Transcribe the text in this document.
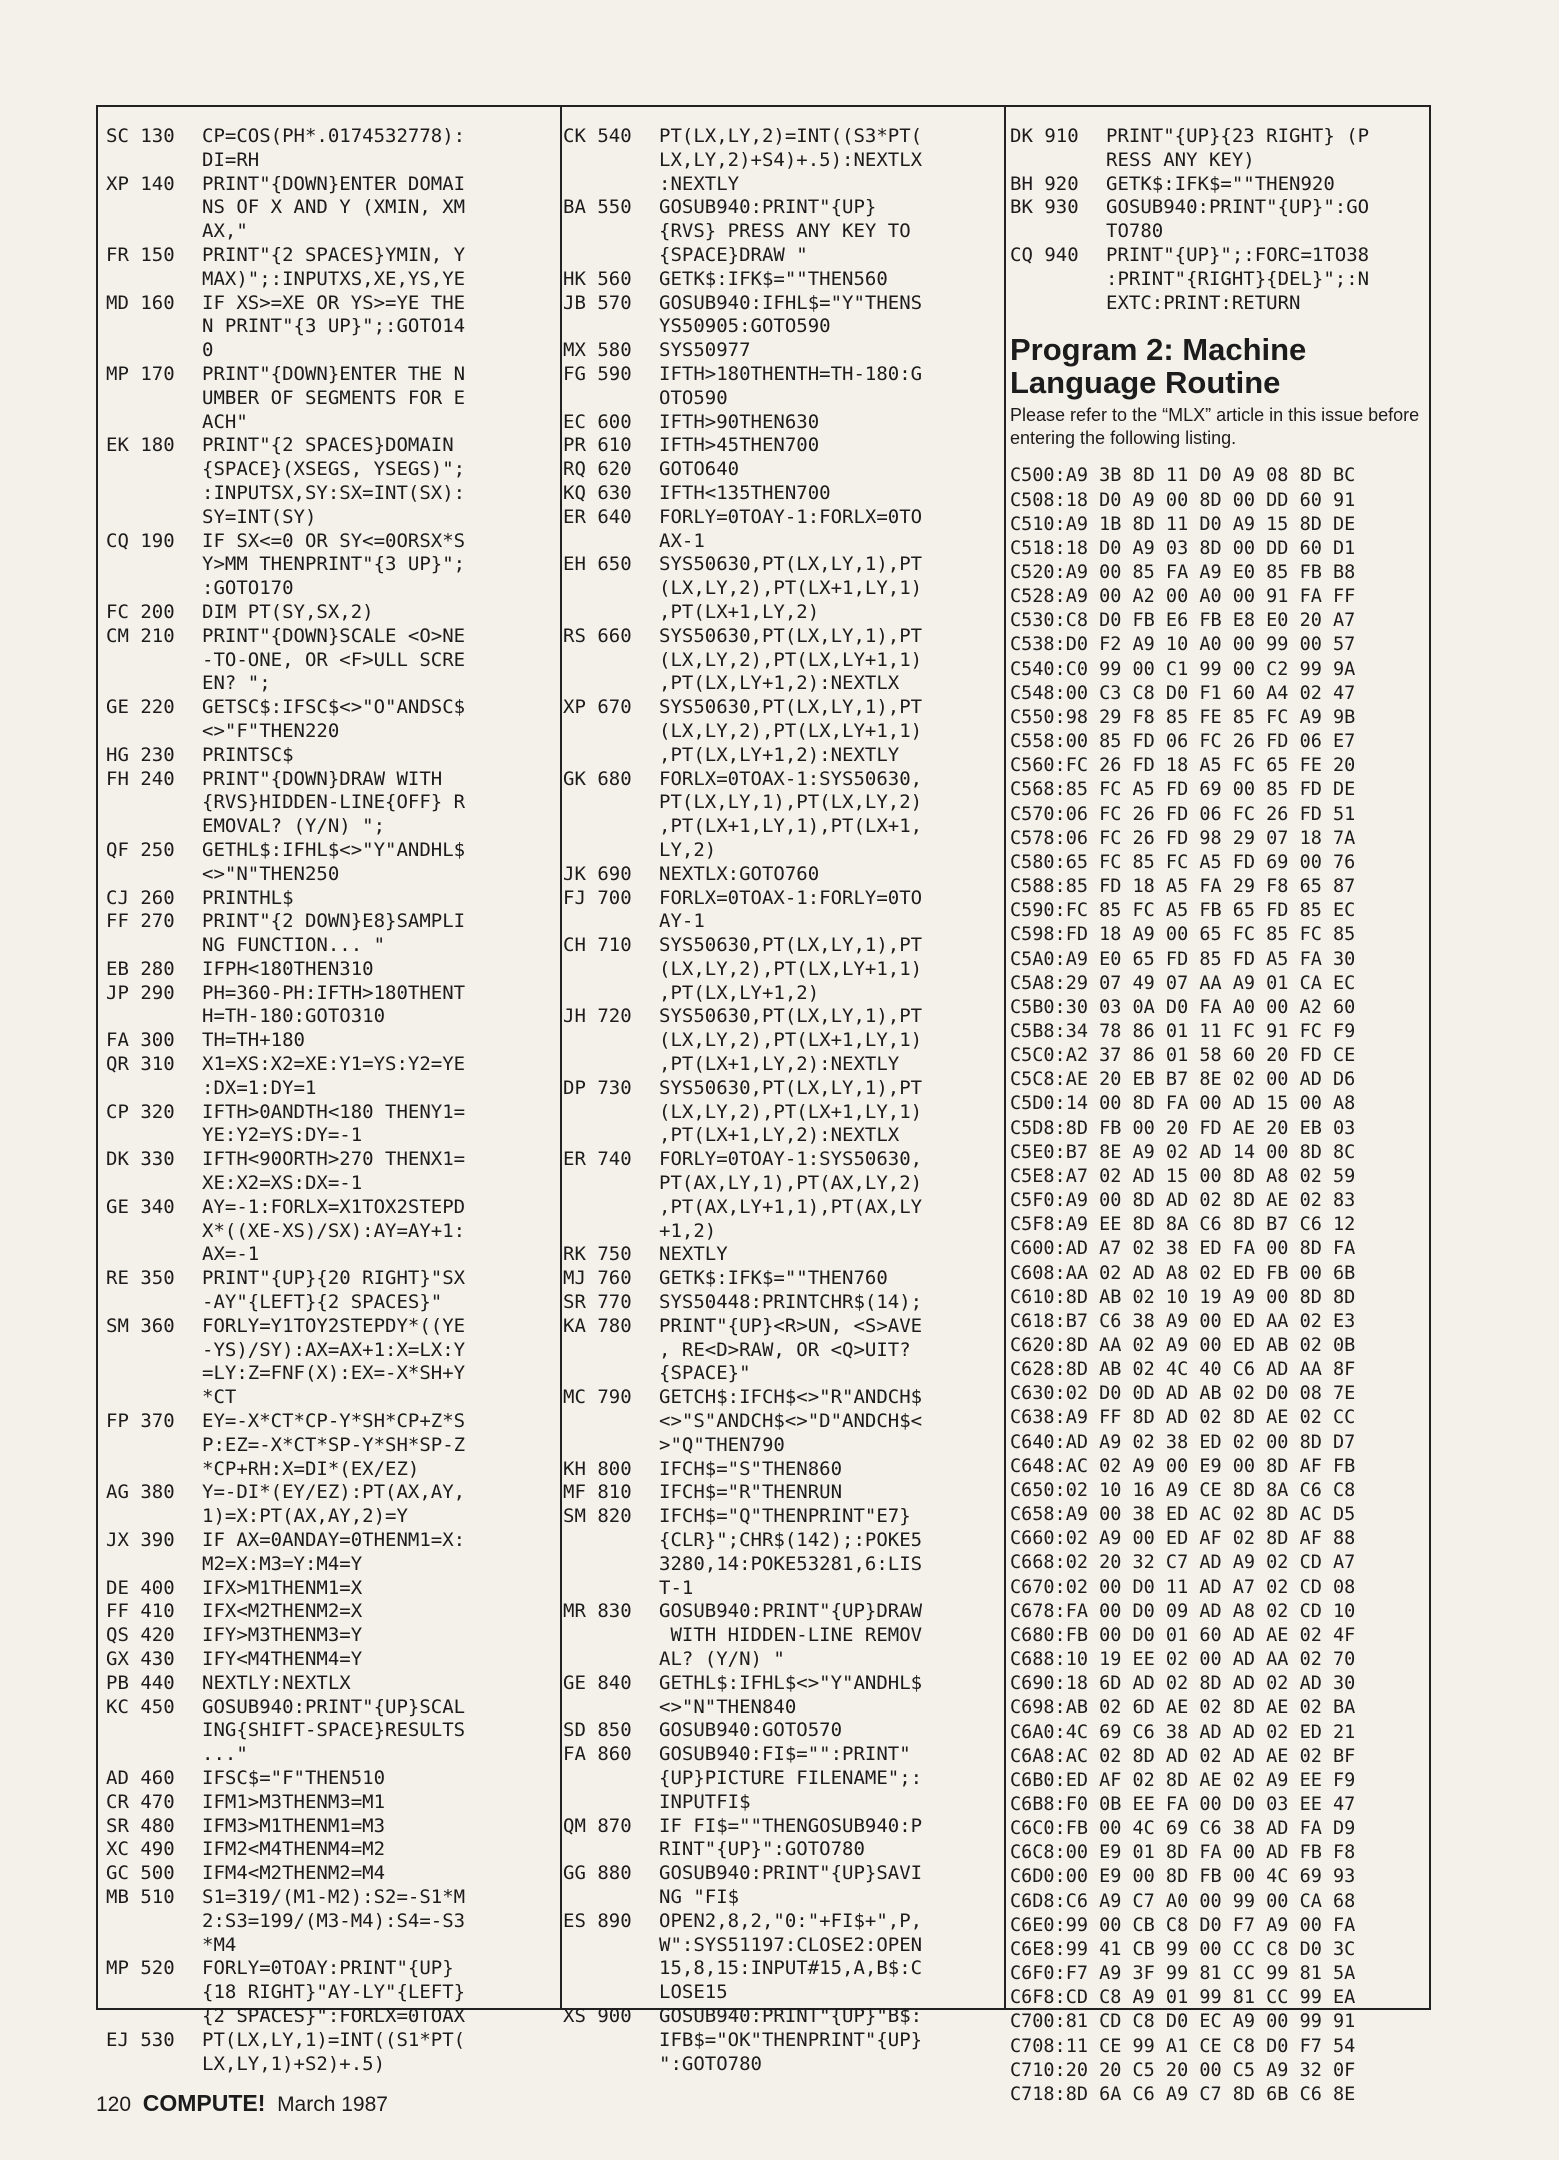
SC 130	CP=COS(PH*.0174532778):
DI=RH
XP 140	PRINT"{DOWN}ENTER DOMAI
NS OF X AND Y (XMIN, XM
AX,"
FR 150	PRINT"{2 SPACES}YMIN, Y
MAX)";:INPUTXS,XE,YS,YE
MD 160	IF XS>=XE OR YS>=YE THE
N PRINT"{3 UP}";:GOTO14
0
MP 170	PRINT"{DOWN}ENTER THE N
UMBER OF SEGMENTS FOR E
ACH"
EK 180	PRINT"{2 SPACES}DOMAIN
{SPACE}(XSEGS, YSEGS)";
:INPUTSX,SY:SX=INT(SX):
SY=INT(SY)
CQ 190	IF SX<=0 OR SY<=0ORSX*S
Y>MM THENPRINT"{3 UP}";
:GOTO170
FC 200	DIM PT(SY,SX,2)
CM 210	PRINT"{DOWN}SCALE <O>NE
-TO-ONE, OR <F>ULL SCRE
EN? ";
GE 220	GETSC$:IFSC$<>"O"ANDSC$
<>"F"THEN220
HG 230	PRINTSC$
FH 240	PRINT"{DOWN}DRAW WITH
{RVS}HIDDEN-LINE{OFF} R
EMOVAL? (Y/N) ";
QF 250	GETHL$:IFHL$<>"Y"ANDHL$
<>"N"THEN250
CJ 260	PRINTHL$
FF 270	PRINT"{2 DOWN}E8}SAMPLI
NG FUNCTION... "
EB 280	IFPH<180THEN310
JP 290	PH=360-PH:IFTH>180THENT
H=TH-180:GOTO310
FA 300	TH=TH+180
QR 310	X1=XS:X2=XE:Y1=YS:Y2=YE
:DX=1:DY=1
CP 320	IFTH>0ANDTH<180 THENY1=
YE:Y2=YS:DY=-1
DK 330	IFTH<90ORTH>270 THENX1=
XE:X2=XS:DX=-1
GE 340	AY=-1:FORLX=X1TOX2STEPD
X*((XE-XS)/SX):AY=AY+1:
AX=-1
RE 350	PRINT"{UP}{20 RIGHT}"SX
-AY"{LEFT}{2 SPACES}"
SM 360	FORLY=Y1TOY2STEPDY*((YE
-YS)/SY):AX=AX+1:X=LX:Y
=LY:Z=FNF(X):EX=-X*SH+Y
*CT
FP 370	EY=-X*CT*CP-Y*SH*CP+Z*S
P:EZ=-X*CT*SP-Y*SH*SP-Z
*CP+RH:X=DI*(EX/EZ)
AG 380	Y=-DI*(EY/EZ):PT(AX,AY,
1)=X:PT(AX,AY,2)=Y
JX 390	IF AX=0ANDAY=0THENM1=X:
M2=X:M3=Y:M4=Y
DE 400	IFX>M1THENM1=X
FF 410	IFX<M2THENM2=X
QS 420	IFY>M3THENM3=Y
GX 430	IFY<M4THENM4=Y
PB 440	NEXTLY:NEXTLX
KC 450	GOSUB940:PRINT"{UP}SCAL
ING{SHIFT-SPACE}RESULTS
..."
AD 460	IFSC$="F"THEN510
CR 470	IFM1>M3THENM3=M1
SR 480	IFM3>M1THENM1=M3
XC 490	IFM2<M4THENM4=M2
GC 500	IFM4<M2THENM2=M4
MB 510	S1=319/(M1-M2):S2=-S1*M
2:S3=199/(M3-M4):S4=-S3
*M4
MP 520	FORLY=0TOAY:PRINT"{UP}
{18 RIGHT}"AY-LY"{LEFT}
{2 SPACES}":FORLX=0TOAX
EJ 530	PT(LX,LY,1)=INT((S1*PT(
LX,LY,1)+S2)+.5)
CK 540	PT(LX,LY,2)=INT((S3*PT(
LX,LY,2)+S4)+.5):NEXTLX
:NEXTLY
BA 550	GOSUB940:PRINT"{UP}
{RVS} PRESS ANY KEY TO
{SPACE}DRAW "
HK 560	GETK$:IFK$=""THEN560
JB 570	GOSUB940:IFHL$="Y"THENS
YS50905:GOTO590
MX 580	SYS50977
FG 590	IFTH>180THENTH=TH-180:G
OTO590
EC 600	IFTH>90THEN630
PR 610	IFTH>45THEN700
RQ 620	GOTO640
KQ 630	IFTH<135THEN700
ER 640	FORLY=0TOAY-1:FORLX=0TO
AX-1
EH 650	SYS50630,PT(LX,LY,1),PT
(LX,LY,2),PT(LX+1,LY,1)
,PT(LX+1,LY,2)
RS 660	SYS50630,PT(LX,LY,1),PT
(LX,LY,2),PT(LX,LY+1,1)
,PT(LX,LY+1,2):NEXTLX
XP 670	SYS50630,PT(LX,LY,1),PT
(LX,LY,2),PT(LX,LY+1,1)
,PT(LX,LY+1,2):NEXTLY
GK 680	FORLX=0TOAX-1:SYS50630,
PT(LX,LY,1),PT(LX,LY,2)
,PT(LX+1,LY,1),PT(LX+1,
LY,2)
JK 690	NEXTLX:GOTO760
FJ 700	FORLX=0TOAX-1:FORLY=0TO
AY-1
CH 710	SYS50630,PT(LX,LY,1),PT
(LX,LY,2),PT(LX,LY+1,1)
,PT(LX,LY+1,2)
JH 720	SYS50630,PT(LX,LY,1),PT
(LX,LY,2),PT(LX+1,LY,1)
,PT(LX+1,LY,2):NEXTLY
DP 730	SYS50630,PT(LX,LY,1),PT
(LX,LY,2),PT(LX+1,LY,1)
,PT(LX+1,LY,2):NEXTLX
ER 740	FORLY=0TOAY-1:SYS50630,
PT(AX,LY,1),PT(AX,LY,2)
,PT(AX,LY+1,1),PT(AX,LY
+1,2)
RK 750	NEXTLY
MJ 760	GETK$:IFK$=""THEN760
SR 770	SYS50448:PRINTCHR$(14);
KA 780	PRINT"{UP}<R>UN, <S>AVE
, RE<D>RAW, OR <Q>UIT?
{SPACE}"
MC 790	GETCH$:IFCH$<>"R"ANDCH$
<>"S"ANDCH$<>"D"ANDCH$<
>"Q"THEN790
KH 800	IFCH$="S"THEN860
MF 810	IFCH$="R"THENRUN
SM 820	IFCH$="Q"THENPRINT"E7}
{CLR}";CHR$(142);:POKE5
3280,14:POKE53281,6:LIS
T-1
MR 830	GOSUB940:PRINT"{UP}DRAW
WITH HIDDEN-LINE REMOV
AL? (Y/N) "
GE 840	GETHL$:IFHL$<>"Y"ANDHL$
<>"N"THEN840
SD 850	GOSUB940:GOTO570
FA 860	GOSUB940:FI$="":PRINT"
{UP}PICTURE FILENAME";:
INPUTFI$
QM 870	IF FI$=""THENGOSUB940:P
RINT"{UP}":GOTO780
GG 880	GOSUB940:PRINT"{UP}SAVI
NG "FI$
ES 890	OPEN2,8,2,"0:"+FI$+",P,
W":SYS51197:CLOSE2:OPEN
15,8,15:INPUT#15,A,B$:C
LOSE15
XS 900	GOSUB940:PRINT"{UP}"B$:
IFB$="OK"THENPRINT"{UP}
":GOTO780
DK 910	PRINT"{UP}{23 RIGHT} (P
RESS ANY KEY)
BH 920	GETK$:IFK$=""THEN920
BK 930	GOSUB940:PRINT"{UP}":GO
TO780
CQ 940	PRINT"{UP}";:FORC=1TO38
:PRINT"{RIGHT}{DEL}";:N
EXTC:PRINT:RETURN
Program 2: Machine Language Routine
Please refer to the “MLX” article in this issue before entering the following listing.
C500:A9 3B 8D 11 D0 A9 08 8D BC
C508:18 D0 A9 00 8D 00 DD 60 91
C510:A9 1B 8D 11 D0 A9 15 8D DE
C518:18 D0 A9 03 8D 00 DD 60 D1
C520:A9 00 85 FA A9 E0 85 FB B8
C528:A9 00 A2 00 A0 00 91 FA FF
C530:C8 D0 FB E6 FB E8 E0 20 A7
C538:D0 F2 A9 10 A0 00 99 00 57
C540:C0 99 00 C1 99 00 C2 99 9A
C548:00 C3 C8 D0 F1 60 A4 02 47
C550:98 29 F8 85 FE 85 FC A9 9B
C558:00 85 FD 06 FC 26 FD 06 E7
C560:FC 26 FD 18 A5 FC 65 FE 20
C568:85 FC A5 FD 69 00 85 FD DE
C570:06 FC 26 FD 06 FC 26 FD 51
C578:06 FC 26 FD 98 29 07 18 7A
C580:65 FC 85 FC A5 FD 69 00 76
C588:85 FD 18 A5 FA 29 F8 65 87
C590:FC 85 FC A5 FB 65 FD 85 EC
C598:FD 18 A9 00 65 FC 85 FC 85
C5A0:A9 E0 65 FD 85 FD A5 FA 30
C5A8:29 07 49 07 AA A9 01 CA EC
C5B0:30 03 0A D0 FA A0 00 A2 60
C5B8:34 78 86 01 11 FC 91 FC F9
C5C0:A2 37 86 01 58 60 20 FD CE
C5C8:AE 20 EB B7 8E 02 00 AD D6
C5D0:14 00 8D FA 00 AD 15 00 A8
C5D8:8D FB 00 20 FD AE 20 EB 03
C5E0:B7 8E A9 02 AD 14 00 8D 8C
C5E8:A7 02 AD 15 00 8D A8 02 59
C5F0:A9 00 8D AD 02 8D AE 02 83
C5F8:A9 EE 8D 8A C6 8D B7 C6 12
C600:AD A7 02 38 ED FA 00 8D FA
C608:AA 02 AD A8 02 ED FB 00 6B
C610:8D AB 02 10 19 A9 00 8D 8D
C618:B7 C6 38 A9 00 ED AA 02 E3
C620:8D AA 02 A9 00 ED AB 02 0B
C628:8D AB 02 4C 40 C6 AD AA 8F
C630:02 D0 0D AD AB 02 D0 08 7E
C638:A9 FF 8D AD 02 8D AE 02 CC
C640:AD A9 02 38 ED 02 00 8D D7
C648:AC 02 A9 00 E9 00 8D AF FB
C650:02 10 16 A9 CE 8D 8A C6 C8
C658:A9 00 38 ED AC 02 8D AC D5
C660:02 A9 00 ED AF 02 8D AF 88
C668:02 20 32 C7 AD A9 02 CD A7
C670:02 00 D0 11 AD A7 02 CD 08
C678:FA 00 D0 09 AD A8 02 CD 10
C680:FB 00 D0 01 60 AD AE 02 4F
C688:10 19 EE 02 00 AD AA 02 70
C690:18 6D AD 02 8D AD 02 AD 30
C698:AB 02 6D AE 02 8D AE 02 BA
C6A0:4C 69 C6 38 AD AD 02 ED 21
C6A8:AC 02 8D AD 02 AD AE 02 BF
C6B0:ED AF 02 8D AE 02 A9 EE F9
C6B8:F0 0B EE FA 00 D0 03 EE 47
C6C0:FB 00 4C 69 C6 38 AD FA D9
C6C8:00 E9 01 8D FA 00 AD FB F8
C6D0:00 E9 00 8D FB 00 4C 69 93
C6D8:C6 A9 C7 A0 00 99 00 CA 68
C6E0:99 00 CB C8 D0 F7 A9 00 FA
C6E8:99 41 CB 99 00 CC C8 D0 3C
C6F0:F7 A9 3F 99 81 CC 99 81 5A
C6F8:CD C8 A9 01 99 81 CC 99 EA
C700:81 CD C8 D0 EC A9 00 99 91
C708:11 CE 99 A1 CE C8 D0 F7 54
C710:20 20 C5 20 00 C5 A9 32 0F
C718:8D 6A C6 A9 C7 8D 6B C6 8E
120 COMPUTE! March 1987
